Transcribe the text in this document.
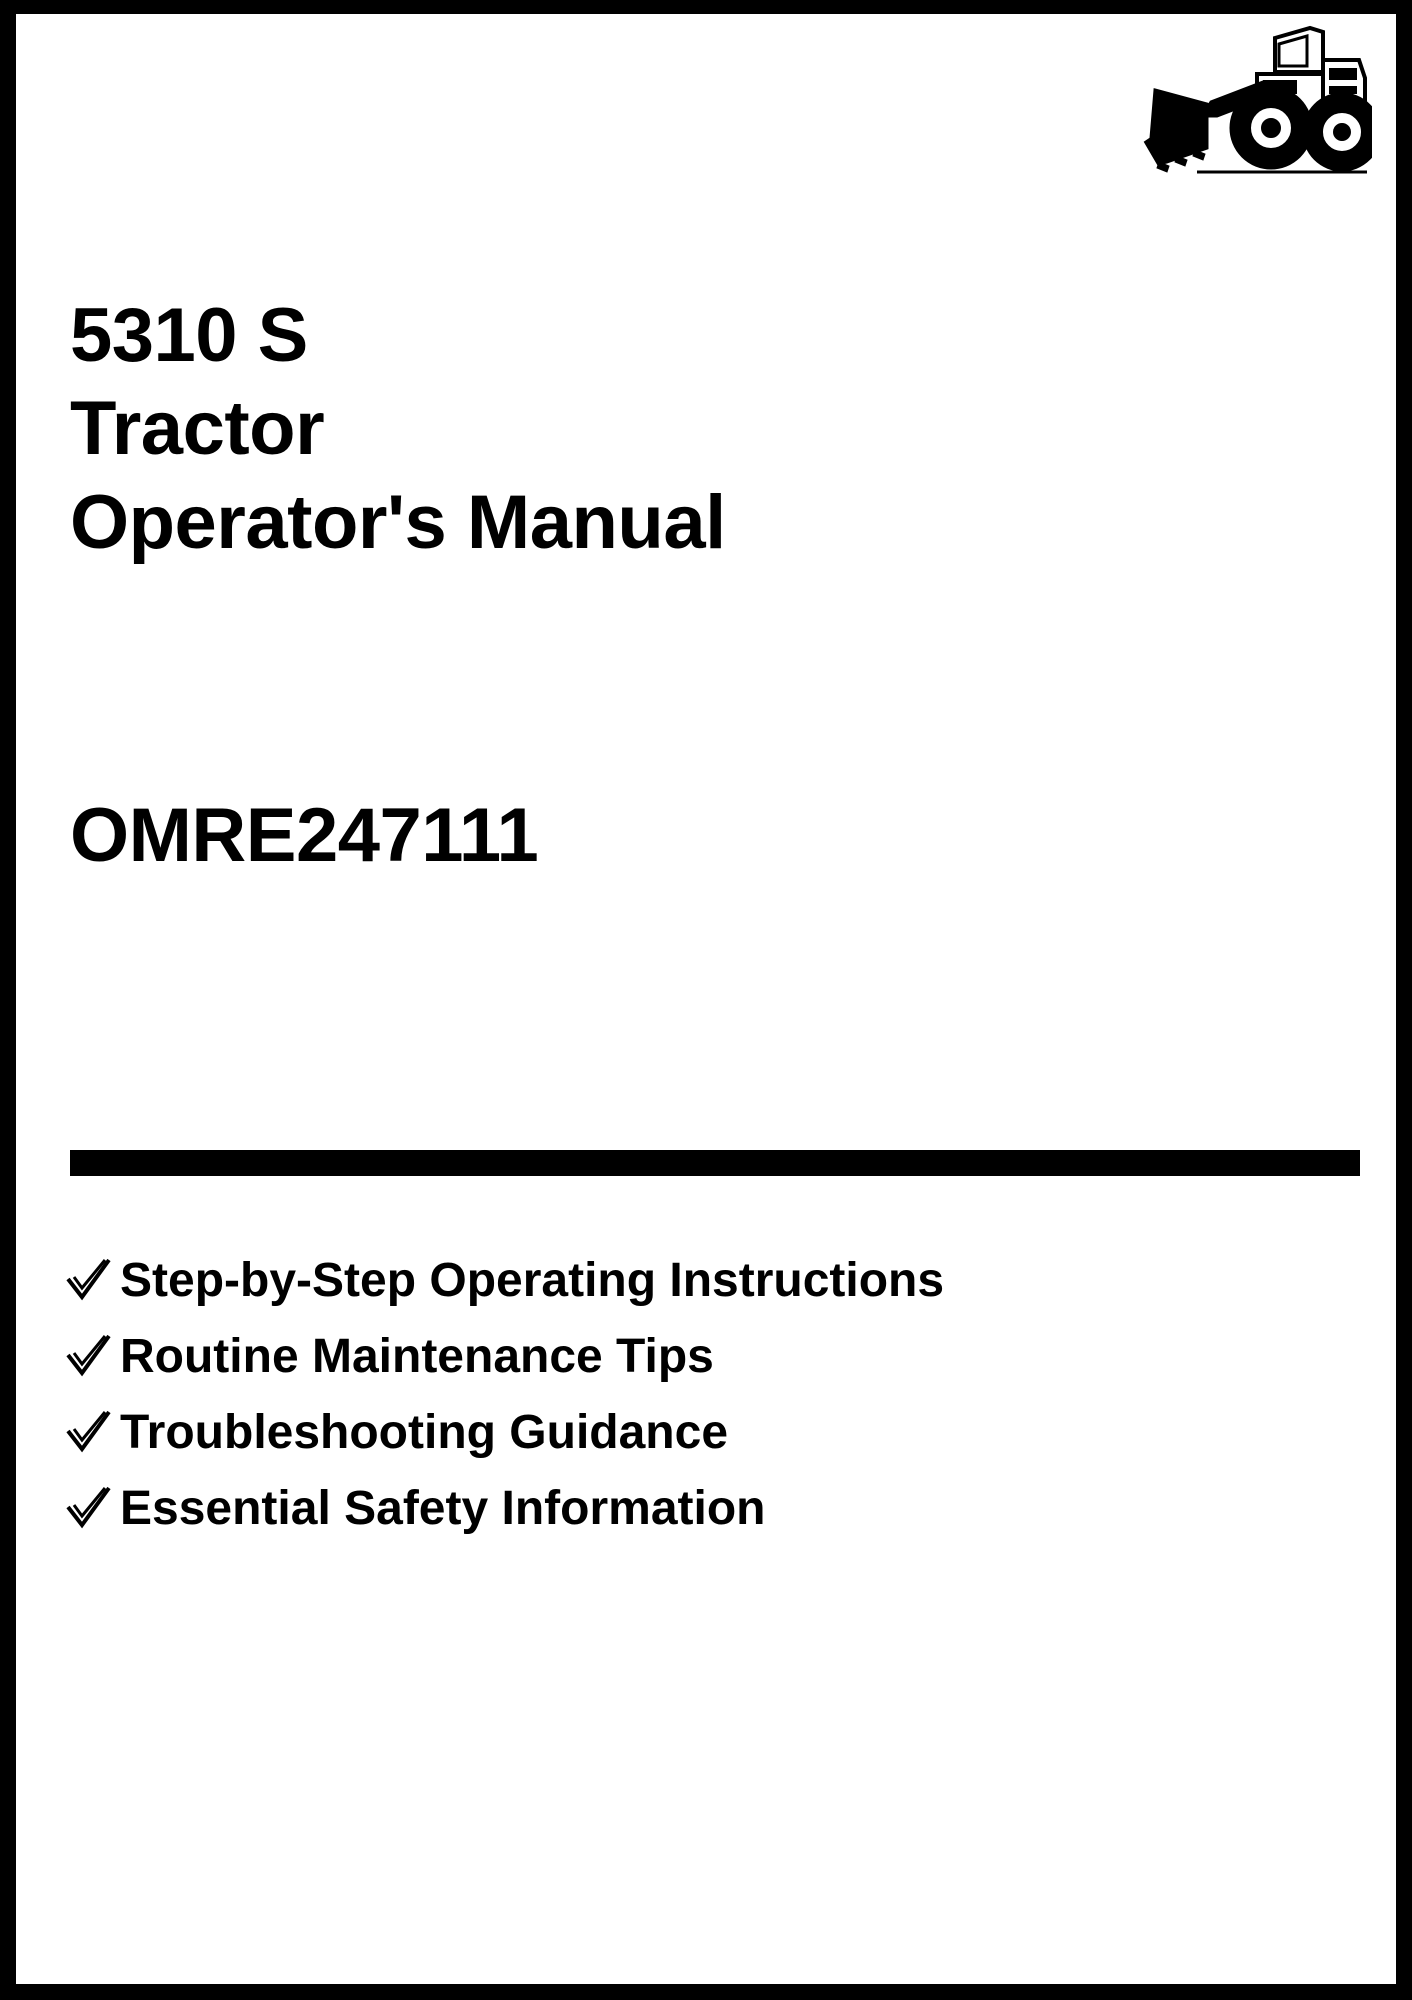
5310 S
Tractor
Operator's Manual
OMRE247111
Step-by-Step Operating Instructions
Routine Maintenance Tips
Troubleshooting Guidance
Essential Safety Information
